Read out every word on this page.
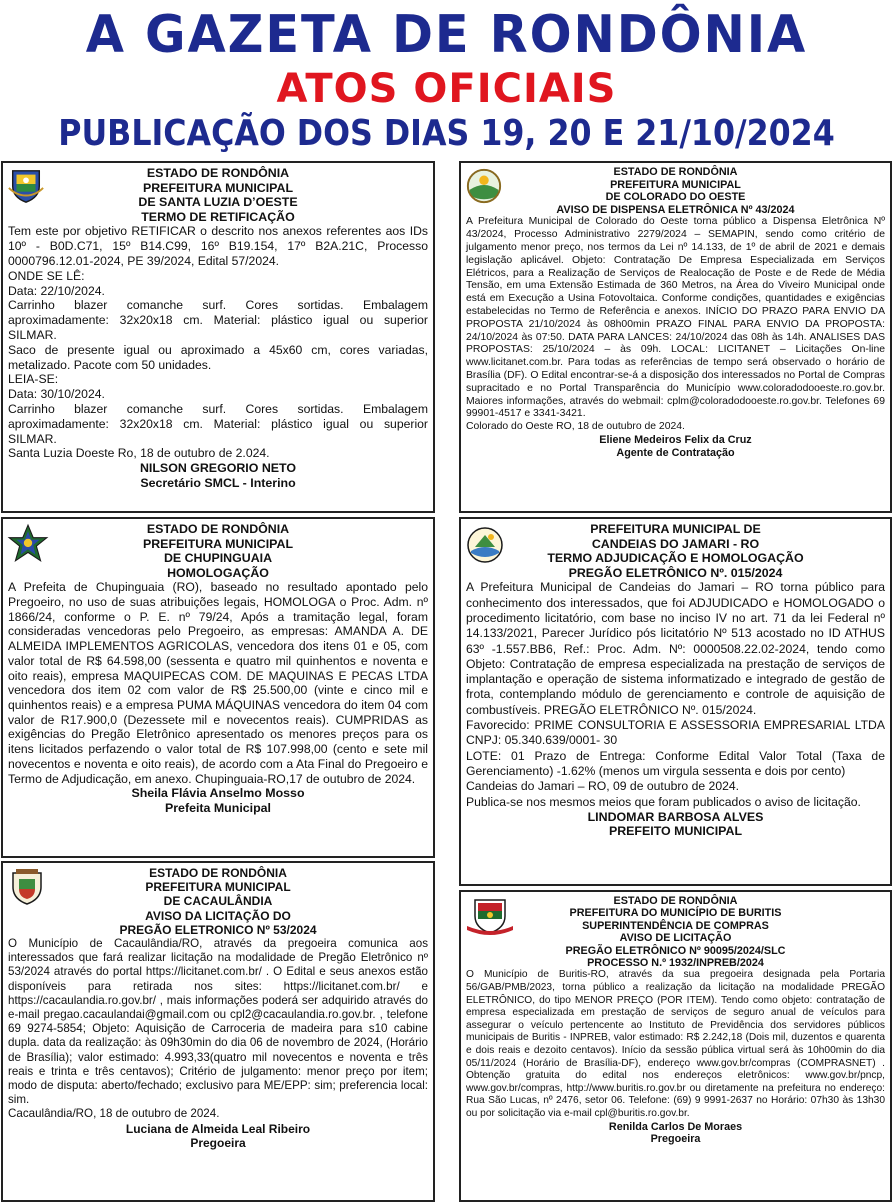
A GAZETA DE RONDÔNIA
ATOS OFICIAIS
PUBLICAÇÃO DOS DIAS 19, 20 E 21/10/2024
ESTADO DE RONDÔNIA
PREFEITURA MUNICIPAL
DE SANTA LUZIA D’OESTE
TERMO DE RETIFICAÇÃO

Tem este por objetivo RETIFICAR o descrito nos anexos referentes aos IDs 10º - B0D.C71, 15º B14.C99, 16º B19.154, 17º B2A.21C, Processo 0000796.12.01-2024, PE 39/2024, Edital 57/2024.

ONDE SE LÊ:

Data: 22/10/2024.

Carrinho blazer comanche surf. Cores sortidas. Embalagem aproximadamente: 32x20x18 cm. Material: plástico igual ou superior SILMAR.

Saco de presente igual ou aproximado a 45x60 cm, cores variadas, metalizado. Pacote com 50 unidades.

LEIA-SE:

Data: 30/10/2024.

Carrinho blazer comanche surf. Cores sortidas. Embalagem aproximadamente: 32x20x18 cm. Material: plástico igual ou superior SILMAR.

Santa Luzia Doeste Ro, 18 de outubro de 2.024.

NILSON GREGORIO NETO
Secretário SMCL - Interino
ESTADO DE RONDÔNIA
PREFEITURA MUNICIPAL
DE COLORADO DO OESTE
AVISO DE DISPENSA ELETRÔNICA Nº 43/2024

A Prefeitura Municipal de Colorado do Oeste torna público a Dispensa Eletrônica Nº 43/2024, Processo Administrativo 2279/2024 – SEMAPIN, sendo como critério de julgamento menor preço, nos termos da Lei nº 14.133, de 1º de abril de 2021 e demais legislação aplicável. Objeto: Contratação De Empresa Especializada em Serviços Elétricos, para a Realização de Serviços de Realocação de Poste e de Rede de Média Tensão, em uma Extensão Estimada de 360 Metros, na Área do Viveiro Municipal onde está em Execução a Usina Fotovoltaica. Conforme condições, quantidades e exigências estabelecidas no Termo de Referência e anexos. INÍCIO DO PRAZO PARA ENVIO DA PROPOSTA 21/10/2024 às 08h00min PRAZO FINAL PARA ENVIO DA PROPOSTA: 24/10/2024 às 07:50. DATA PARA LANCES: 24/10/2024 das 08h às 14h. ANALISES DAS PROPOSTAS: 25/10/2024 – às 09h. LOCAL: LICITANET – Licitações On-line www.licitanet.com.br. Para todas as referências de tempo será observado o horário de Brasília (DF). O Edital encontrar-se-á a disposição dos interessados no Portal de Compras supracitado e no Portal Transparência do Município www.coloradodooeste.ro.gov.br. Maiores informações, através do webmail: cplm@coloradodooeste.ro.gov.br. Telefones 69 99901-4517 e 3341-3421.

Colorado do Oeste RO, 18 de outubro de 2024.

Eliene Medeiros Felix da Cruz
Agente de Contratação
ESTADO DE RONDÔNIA
PREFEITURA MUNICIPAL
DE CHUPINGUAIA
HOMOLOGAÇÃO

A Prefeita de Chupinguaia (RO), baseado no resultado apontado pelo Pregoeiro, no uso de suas atribuições legais, HOMOLOGA o Proc. Adm. nº 1866/24, conforme o P. E. nº 79/24, Após a tramitação legal, foram consideradas vencedoras pelo Pregoeiro, as empresas: AMANDA A. DE ALMEIDA IMPLEMENTOS AGRICOLAS, vencedora dos itens 01 e 05, com valor total de R$ 64.598,00 (sessenta e quatro mil quinhentos e noventa e oito reais), empresa MAQUIPECAS COM. DE MAQUINAS E PECAS LTDA vencedora dos item 02 com valor de R$ 25.500,00 (vinte e cinco mil e quinhentos reais) e a empresa PUMA MÁQUINAS vencedora do item 04 com valor de R17.900,0 (Dezessete mil e novecentos reais). CUMPRIDAS as exigências do Pregão Eletrônico apresentado os menores preços para os itens licitados perfazendo o valor total de R$ 107.998,00 (cento e sete mil novecentos e noventa e oito reais), de acordo com a Ata Final do Pregoeiro e Termo de Adjudicação, em anexo. Chupinguaia-RO,17 de outubro de 2024.

Sheila Flávia Anselmo Mosso
Prefeita Municipal
PREFEITURA MUNICIPAL DE
CANDEIAS DO JAMARI - RO
TERMO ADJUDICAÇÃO E HOMOLOGAÇÃO
PREGÃO ELETRÔNICO Nº. 015/2024

A Prefeitura Municipal de Candeias do Jamari – RO torna público para conhecimento dos interessados, que foi ADJUDICADO e HOMOLOGADO o procedimento licitatório, com base no inciso IV no art. 71 da lei Federal nº 14.133/2021, Parecer Jurídico pós licitatório Nº 513 acostado no ID ATHUS 63º -1.557.BB6, Ref.: Proc. Adm. Nº: 0000508.22.02-2024, tendo como Objeto: Contratação de empresa especializada na prestação de serviços de implantação e operação de sistema informatizado e integrado de gestão de frota, contemplando módulo de gerenciamento e controle de aquisição de combustíveis. PREGÃO ELETRÔNICO Nº. 015/2024.

Favorecido: PRIME CONSULTORIA E ASSESSORIA EMPRESARIAL LTDA CNPJ: 05.340.639/0001- 30

LOTE: 01 Prazo de Entrega: Conforme Edital Valor Total (Taxa de Gerenciamento) -1.62% (menos um virgula sessenta e dois por cento)

Candeias do Jamari – RO, 09 de outubro de 2024.

Publica-se nos mesmos meios que foram publicados o aviso de licitação.

LINDOMAR BARBOSA ALVES
PREFEITO MUNICIPAL
ESTADO DE RONDÔNIA
PREFEITURA MUNICIPAL
DE CACAULÂNDIA
AVISO DA LICITAÇÃO DO
PREGÃO ELETRONICO Nº 53/2024

O Município de Cacaulândia/RO, através da pregoeira comunica aos interessados que fará realizar licitação na modalidade de Pregão Eletrônico nº 53/2024 através do portal https://licitanet.com.br/ . O Edital e seus anexos estão disponíveis para retirada nos sites: https://licitanet.com.br/ e https://cacaulandia.ro.gov.br/ , mais informações poderá ser adquirido através do e-mail pregao.cacaulandai@gmail.com ou cpl2@cacaulandia.ro.gov.br. , telefone 69 9274-5854; Objeto: Aquisição de Carroceria de madeira para s10 cabine dupla. data da realização: às 09h30min do dia 06 de novembro de 2024, (Horário de Brasília); valor estimado: 4.993,33(quatro mil novecentos e noventa e três reais e trinta e três centavos); Critério de julgamento: menor preço por item; modo de disputa: aberto/fechado; exclusivo para ME/EPP: sim; preferencia local: sim.

Cacaulândia/RO, 18 de outubro de 2024.

Luciana de Almeida Leal Ribeiro
Pregoeira
ESTADO DE RONDÔNIA
PREFEITURA DO MUNICÍPIO DE BURITIS
SUPERINTENDÊNCIA DE COMPRAS
AVISO DE LICITAÇÃO
PREGÃO ELETRÔNICO Nº 90095/2024/SLC
PROCESSO N.º 1932/INPREB/2024

O Município de Buritis-RO, através da sua pregoeira designada pela Portaria 56/GAB/PMB/2023, torna público a realização da licitação na modalidade PREGÃO ELETRÔNICO, do tipo MENOR PREÇO (POR ITEM). Tendo como objeto: contratação de empresa especializada em prestação de serviços de seguro anual de veículos para assegurar o veículo pertencente ao Instituto de Previdência dos servidores públicos municipais de Buritis - INPREB, valor estimado: R$ 2.242,18 (Dois mil, duzentos e quarenta e dois reais e dezoito centavos). Início da sessão pública virtual será às 10h00min do dia 05/11/2024 (Horário de Brasília-DF), endereço www.gov.br/compras (COMPRASNET) . Obtenção gratuita do edital nos endereços eletrônicos: www.gov.br/pncp, www.gov.br/compras, http://www.buritis.ro.gov.br ou diretamente na prefeitura no endereço: Rua São Lucas, nº 2476, setor 06. Telefone: (69) 9 9991-2637 no Horário: 07h30 às 13h30 ou por solicitação via e-mail cpl@buritis.ro.gov.br.

Renilda Carlos De Moraes
Pregoeira
